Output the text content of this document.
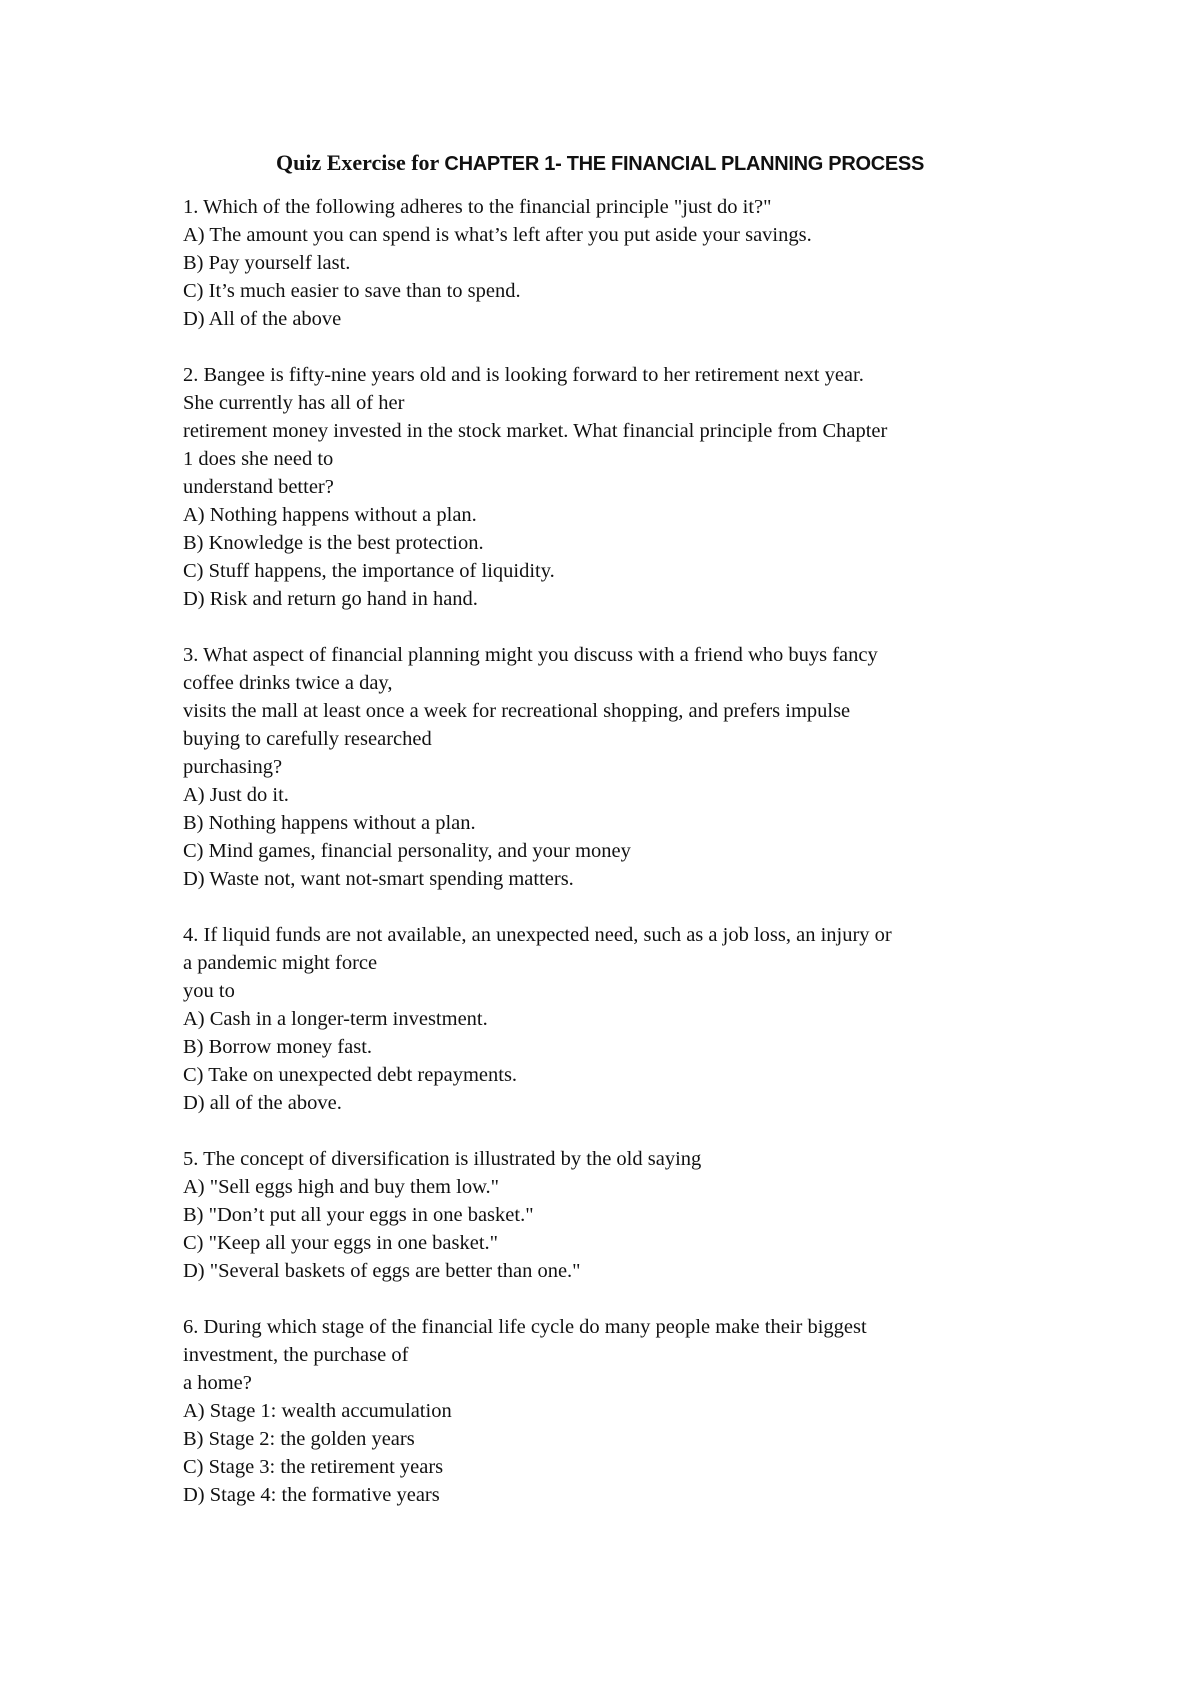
Quiz Exercise for CHAPTER 1- THE FINANCIAL PLANNING PROCESS
1. Which of the following adheres to the financial principle "just do it?"
A) The amount you can spend is what’s left after you put aside your savings.
B) Pay yourself last.
C) It’s much easier to save than to spend.
D) All of the above
2. Bangee is fifty-nine years old and is looking forward to her retirement next year.
She currently has all of her
retirement money invested in the stock market. What financial principle from Chapter
1 does she need to
understand better?
A) Nothing happens without a plan.
B) Knowledge is the best protection.
C) Stuff happens, the importance of liquidity.
D) Risk and return go hand in hand.
3. What aspect of financial planning might you discuss with a friend who buys fancy
coffee drinks twice a day,
visits the mall at least once a week for recreational shopping, and prefers impulse
buying to carefully researched
purchasing?
A) Just do it.
B) Nothing happens without a plan.
C) Mind games, financial personality, and your money
D) Waste not, want not-smart spending matters.
4. If liquid funds are not available, an unexpected need, such as a job loss, an injury or
a pandemic might force
you to
A) Cash in a longer-term investment.
B) Borrow money fast.
C) Take on unexpected debt repayments.
D) all of the above.
5. The concept of diversification is illustrated by the old saying
A) "Sell eggs high and buy them low."
B) "Don’t put all your eggs in one basket."
C) "Keep all your eggs in one basket."
D) "Several baskets of eggs are better than one."
6. During which stage of the financial life cycle do many people make their biggest
investment, the purchase of
a home?
A) Stage 1: wealth accumulation
B) Stage 2: the golden years
C) Stage 3: the retirement years
D) Stage 4: the formative years
